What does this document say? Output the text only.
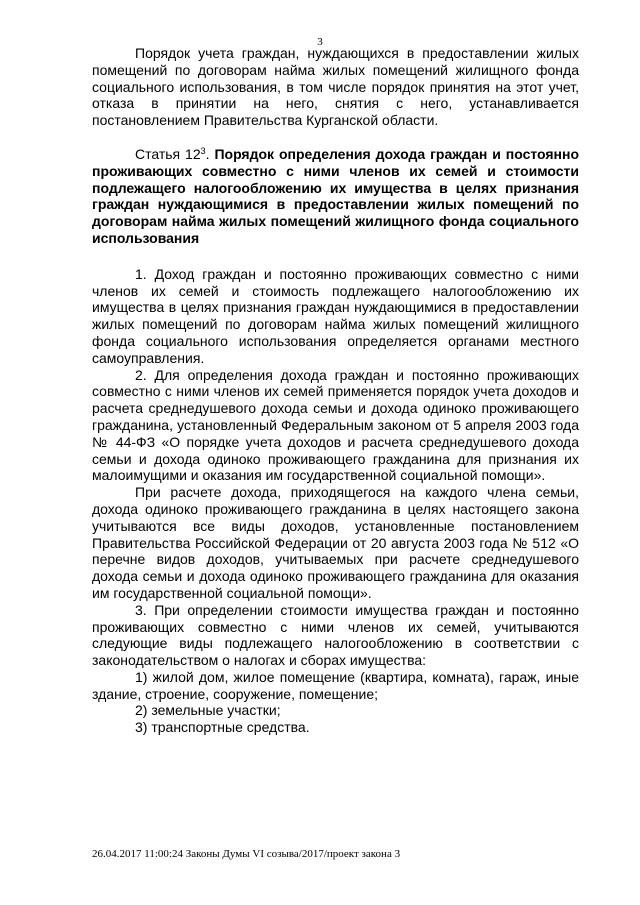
3

Порядок учета граждан, нуждающихся в предоставлении жилых помещений по договорам найма жилых помещений жилищного фонда социального использования, в том числе порядок принятия на этот учет, отказа в принятии на него, снятия с него, устанавливается постановлением Правительства Курганской области.

Статья $12^3$. Порядок определения дохода граждан и постоянно проживающих совместно с ними членов их семей и стоимости подлежащего налогообложению их имущества в целях признания граждан нуждающимися в предоставлении жилых помещений по договорам найма жилых помещений жилищного фонда социального использования

1. Доход граждан и постоянно проживающих совместно с ними членов их семей и стоимость подлежащего налогообложению их имущества в целях признания граждан нуждающимися в предоставлении жилых помещений по договорам найма жилых помещений жилищного фонда социального использования определяется органами местного самоуправления.

2. Для определения дохода граждан и постоянно проживающих совместно с ними членов их семей применяется порядок учета доходов и расчета среднедушевого дохода семьи и дохода одиноко проживающего гражданина, установленный Федеральным законом от 5 апреля 2003 года № 44-ФЗ «О порядке учета доходов и расчета среднедушевого дохода семьи и дохода одиноко проживающего гражданина для признания их малоимущими и оказания им государственной социальной помощи».

При расчете дохода, приходящегося на каждого члена семьи, дохода одиноко проживающего гражданина в целях настоящего закона учитываются все виды доходов, установленные постановлением Правительства Российской Федерации от 20 августа 2003 года № 512 «О перечне видов доходов, учитываемых при расчете среднедушевого дохода семьи и дохода одиноко проживающего гражданина для оказания им государственной социальной помощи».

3. При определении стоимости имущества граждан и постоянно проживающих совместно с ними членов их семей, учитываются следующие виды подлежащего налогообложению в соответствии с законодательством о налогах и сборах имущества:

1) жилой дом, жилое помещение (квартира, комната), гараж, иные здание, строение, сооружение, помещение;

2) земельные участки;

3) транспортные средства.

26.04.2017 11:00:24 Законы Думы VI созыва/2017/проект закона 3
